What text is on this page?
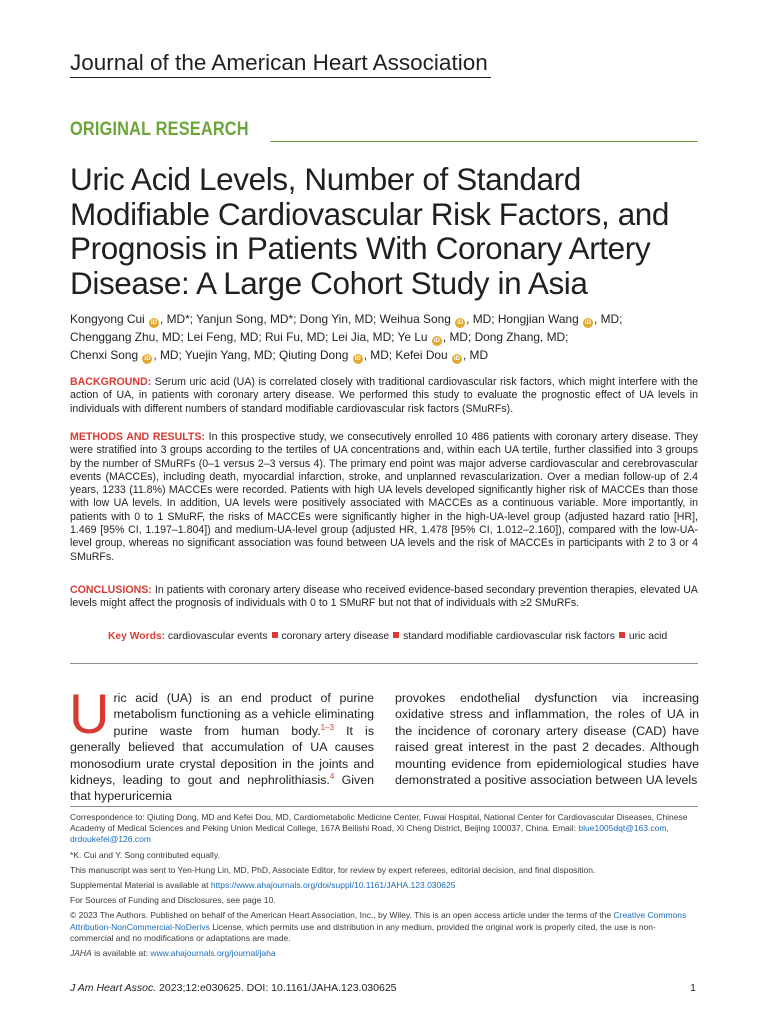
Journal of the American Heart Association
ORIGINAL RESEARCH
Uric Acid Levels, Number of Standard
Modifiable Cardiovascular Risk Factors, and
Prognosis in Patients With Coronary Artery
Disease: A Large Cohort Study in Asia
Kongyong Cui iD , MD*; Yanjun Song, MD*; Dong Yin, MD; Weihua Song iD , MD; Hongjian Wang iD , MD;
Chenggang Zhu, MD; Lei Feng, MD; Rui Fu, MD; Lei Jia, MD; Ye Lu iD , MD; Dong Zhang, MD;
Chenxi Song iD , MD; Yuejin Yang, MD; Qiuting Dong iD , MD; Kefei Dou iD , MD
BACKGROUND: Serum uric acid (UA) is correlated closely with traditional cardiovascular risk factors, which might interfere with the action of UA, in patients with coronary artery disease. We performed this study to evaluate the prognostic effect of UA levels in individuals with different numbers of standard modifiable cardiovascular risk factors (SMuRFs).
METHODS AND RESULTS: In this prospective study, we consecutively enrolled 10 486 patients with coronary artery disease. They were stratified into 3 groups according to the tertiles of UA concentrations and, within each UA tertile, further classified into 3 groups by the number of SMuRFs (0–1 versus 2–3 versus 4). The primary end point was major adverse cardiovascular and cerebrovascular events (MACCEs), including death, myocardial infarction, stroke, and unplanned revascularization. Over a median follow-up of 2.4 years, 1233 (11.8%) MACCEs were recorded. Patients with high UA levels developed significantly higher risk of MACCEs than those with low UA levels. In addition, UA levels were positively associated with MACCEs as a continuous variable. More importantly, in patients with 0 to 1 SMuRF, the risks of MACCEs were significantly higher in the high-UA-level group (adjusted hazard ratio [HR], 1.469 [95% CI, 1.197–1.804]) and medium-UA-level group (adjusted HR, 1.478 [95% CI, 1.012–2.160]), compared with the low-UA-level group, whereas no significant association was found between UA levels and the risk of MACCEs in participants with 2 to 3 or 4 SMuRFs.
CONCLUSIONS: In patients with coronary artery disease who received evidence-based secondary prevention therapies, elevated UA levels might affect the prognosis of individuals with 0 to 1 SMuRF but not that of individuals with ≥2 SMuRFs.
Key Words: cardiovascular events coronary artery disease standard modifiable cardiovascular risk factors uric acid
Uric acid (UA) is an end product of purine metabolism functioning as a vehicle eliminating purine waste from human body.$^{1-3}$ It is generally believed that accumulation of UA causes monosodium urate crystal deposition in the joints and kidneys, leading to gout and nephrolithiasis.$^4$ Given that hyperuricemia
provokes endothelial dysfunction via increasing oxidative stress and inflammation, the roles of UA in the incidence of coronary artery disease (CAD) have raised great interest in the past 2 decades. Although mounting evidence from epidemiological studies have demonstrated a positive association between UA levels

Correspondence to: Qiuting Dong, MD and Kefei Dou, MD, Cardiometabolic Medicine Center, Fuwai Hospital, National Center for Cardiovascular Diseases, Chinese Academy of Medical Sciences and Peking Union Medical College, 167A Beilishi Road, Xi Cheng District, Beijing 100037, China. Email: blue1005dqt@163.com, drdoukefei@126.com

*K. Cui and Y. Song contributed equally.

This manuscript was sent to Yen-Hung Lin, MD, PhD, Associate Editor, for review by expert referees, editorial decision, and final disposition.

Supplemental Material is available at https://www.ahajournals.org/doi/suppl/10.1161/JAHA.123.030625

For Sources of Funding and Disclosures, see page 10.

© 2023 The Authors. Published on behalf of the American Heart Association, Inc., by Wiley. This is an open access article under the terms of the Creative Commons Attribution-NonCommercial-NoDerivs License, which permits use and distribution in any medium, provided the original work is properly cited, the use is non-commercial and no modifications or adaptations are made.

JAHA is available at: www.ahajournals.org/journal/jaha

J Am Heart Assoc. 2023;12:e030625. DOI: 10.1161/JAHA.123.030625	1
